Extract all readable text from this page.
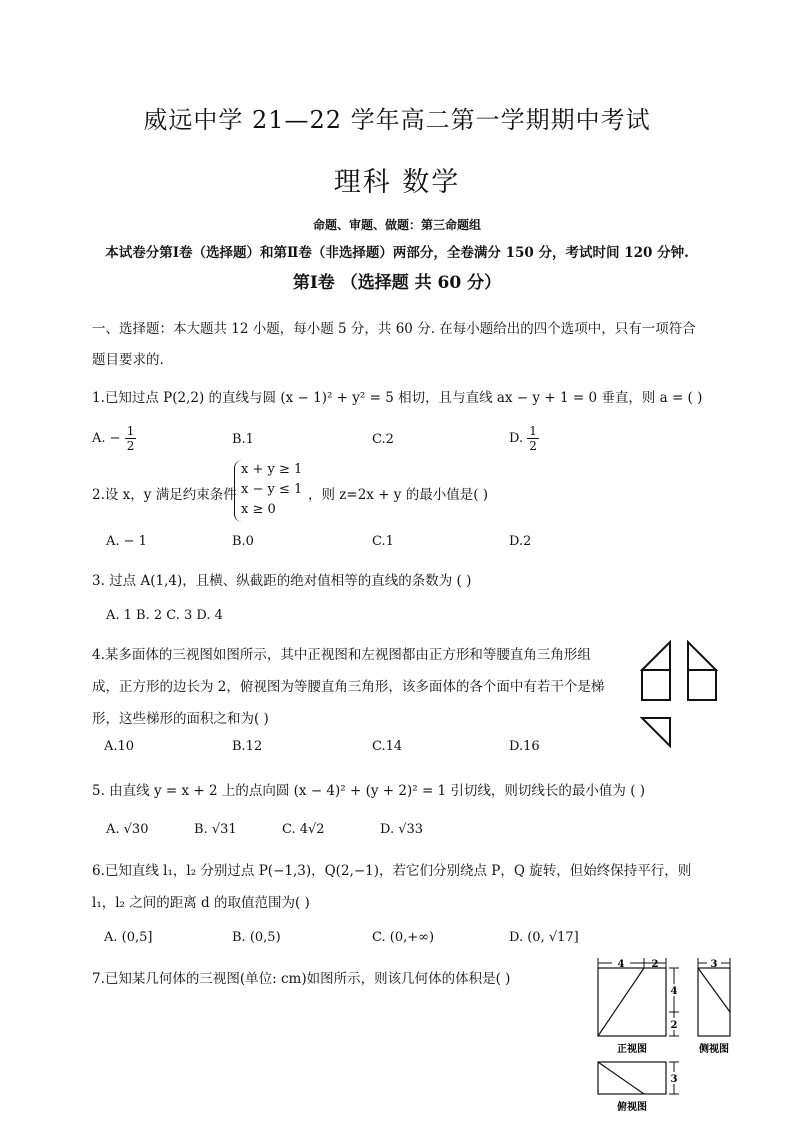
威远中学 21—22 学年高二第一学期期中考试
理科 数学
命题、审题、做题：第三命题组
本试卷分第Ⅰ卷（选择题）和第Ⅱ卷（非选择题）两部分，全卷满分 150 分，考试时间 120 分钟.
第Ⅰ卷 （选择题 共 60 分）
一、选择题：本大题共 12 小题，每小题 5 分，共 60 分. 在每小题给出的四个选项中，只有一项符合
题目要求的.
1.已知过点 P(2,2) 的直线与圆 (x − 1)² + y² = 5 相切，且与直线 ax − y + 1 = 0 垂直，则 a = ( )
A. − $\frac{1}{2}$	B.1	C.2	D. $\frac{1}{2}$
2.设 x，y 满足约束条件
x + y ≥ 1
x − y ≤ 1
x ≥ 0
，则 z=2x + y 的最小值是( )
A. − 1	B.0	C.1	D.2
3. 过点 A(1,4)，且横、纵截距的绝对值相等的直线的条数为 ( )
A. 1 B. 2 C. 3 D. 4
4.某多面体的三视图如图所示，其中正视图和左视图都由正方形和等腰直角三角形组
成，正方形的边长为 2，俯视图为等腰直角三角形，该多面体的各个面中有若干个是梯
形，这些梯形的面积之和为( )
A.10	B.12	C.14	D.16
5. 由直线 y = x + 2 上的点向圆 (x − 4)² + (y + 2)² = 1 引切线，则切线长的最小值为 ( )
A. √30	B. √31	C. 4√2	D. √33
6.已知直线 l₁，l₂ 分别过点 P(−1,3)，Q(2,−1)，若它们分别绕点 P，Q 旋转，但始终保持平行，则
l₁，l₂ 之间的距离 d 的取值范围为( )
A. (0,5]	B. (0,5)	C. (0,+∞)	D. (0, √17]
7.已知某几何体的三视图(单位: cm)如图所示，则该几何体的体积是( )
4	2
4
2
正视图
3
侧视图
3
俯视图
